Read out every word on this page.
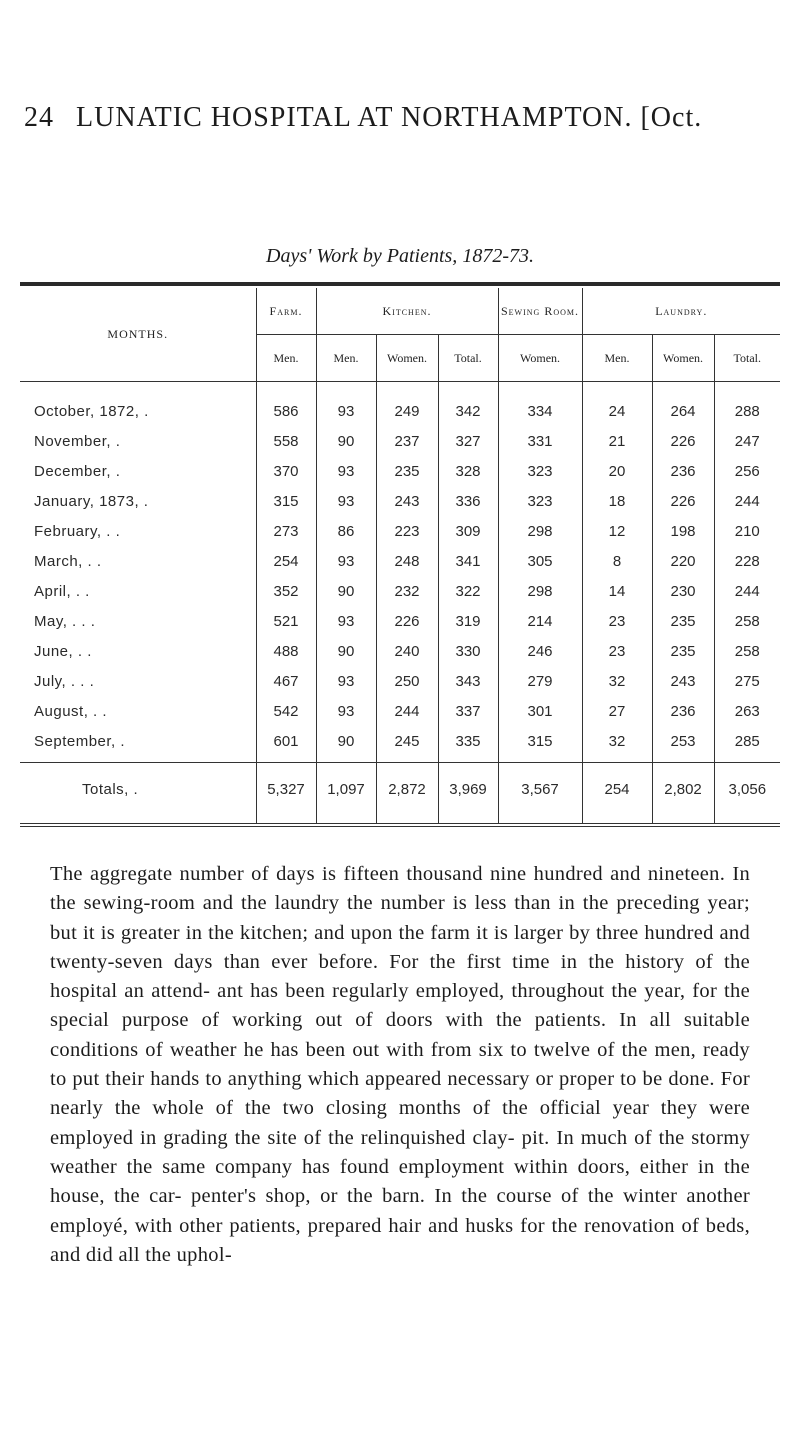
24 LUNATIC HOSPITAL AT NORTHAMPTON. [Oct.
Days' Work by Patients, 1872-73.
MONTHS.	Farm.	Kitchen.			Sewing Room.	Laundry.		
	Men.	Men.	Women.	Total.	Women.	Men.	Women.	Total.
October, 1872, .	586	93	249	342	334	24	264	288
November, .	558	90	237	327	331	21	226	247
December, .	370	93	235	328	323	20	236	256
January, 1873, .	315	93	243	336	323	18	226	244
February, . .	273	86	223	309	298	12	198	210
March, . .	254	93	248	341	305	8	220	228
April, . .	352	90	232	322	298	14	230	244
May, . . .	521	93	226	319	214	23	235	258
June, . .	488	90	240	330	246	23	235	258
July, . . .	467	93	250	343	279	32	243	275
August, . .	542	93	244	337	301	27	236	263
September, .	601	90	245	335	315	32	253	285
Totals, .	5,327	1,097	2,872	3,969	3,567	254	2,802	3,056
The aggregate number of days is fifteen thousand nine hundred and nineteen. In the sewing-room and the laundry the number is less than in the preceding year; but it is greater in the kitchen; and upon the farm it is larger by three hundred and twenty-seven days than ever before. For the first time in the history of the hospital an attend- ant has been regularly employed, throughout the year, for the special purpose of working out of doors with the patients. In all suitable conditions of weather he has been out with from six to twelve of the men, ready to put their hands to anything which appeared necessary or proper to be done. For nearly the whole of the two closing months of the official year they were employed in grading the site of the relinquished clay- pit. In much of the stormy weather the same company has found employment within doors, either in the house, the car- penter's shop, or the barn. In the course of the winter another employé, with other patients, prepared hair and husks for the renovation of beds, and did all the uphol-
